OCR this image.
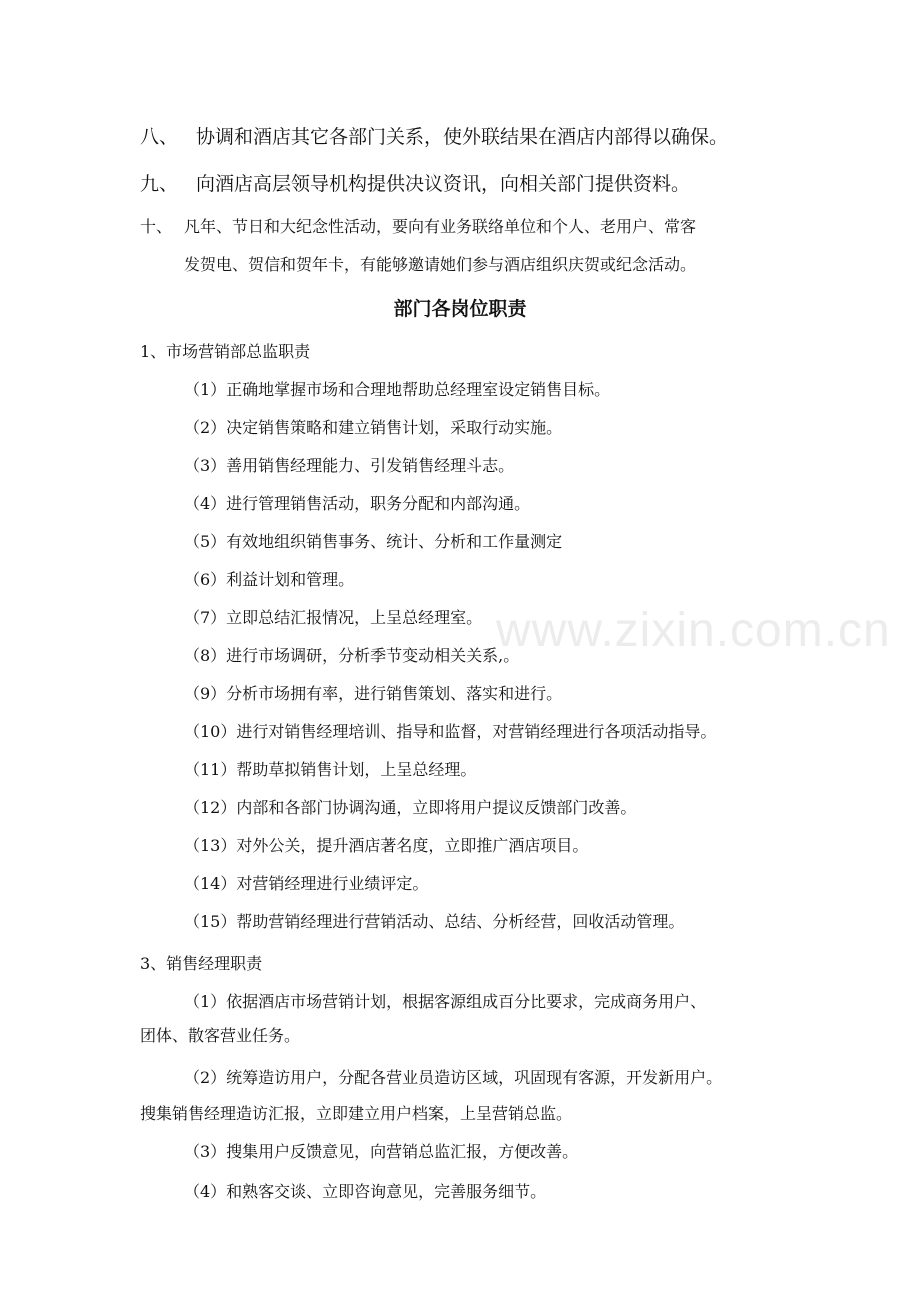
八、 协调和酒店其它各部门关系，使外联结果在酒店内部得以确保。
九、 向酒店高层领导机构提供决议资讯，向相关部门提供资料。
十、 凡年、节日和大纪念性活动，要向有业务联络单位和个人、老用户、常客
发贺电、贺信和贺年卡，有能够邀请她们参与酒店组织庆贺或纪念活动。
部门各岗位职责
1、市场营销部总监职责
（1）正确地掌握市场和合理地帮助总经理室设定销售目标。
（2）决定销售策略和建立销售计划，采取行动实施。
（3）善用销售经理能力、引发销售经理斗志。
（4）进行管理销售活动，职务分配和内部沟通。
（5）有效地组织销售事务、统计、分析和工作量测定
（6）利益计划和管理。
（7）立即总结汇报情况，上呈总经理室。
（8）进行市场调研，分析季节变动相关关系,。
（9）分析市场拥有率，进行销售策划、落实和进行。
（10）进行对销售经理培训、指导和监督，对营销经理进行各项活动指导。
（11）帮助草拟销售计划，上呈总经理。
（12）内部和各部门协调沟通，立即将用户提议反馈部门改善。
（13）对外公关，提升酒店著名度，立即推广酒店项目。
（14）对营销经理进行业绩评定。
（15）帮助营销经理进行营销活动、总结、分析经营，回收活动管理。
3、销售经理职责
（1）依据酒店市场营销计划，根据客源组成百分比要求，完成商务用户、
团体、散客营业任务。
（2）统筹造访用户，分配各营业员造访区域，巩固现有客源，开发新用户。
搜集销售经理造访汇报，立即建立用户档案，上呈营销总监。
（3）搜集用户反馈意见，向营销总监汇报，方便改善。
（4）和熟客交谈、立即咨询意见，完善服务细节。
www.zixin.com.cn
